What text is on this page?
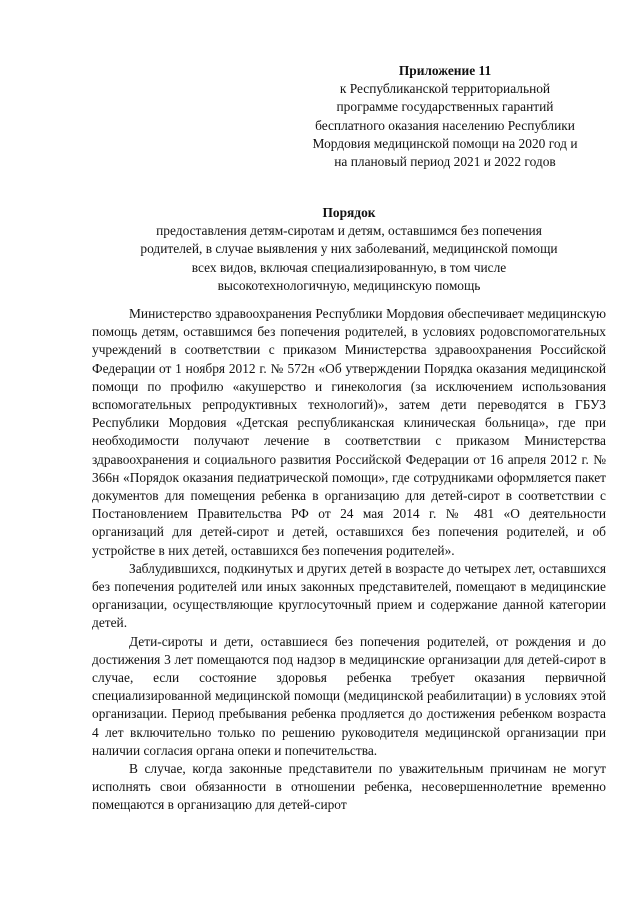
Приложение 11
к Республиканской территориальной
программе государственных гарантий
бесплатного оказания населению Республики
Мордовия медицинской помощи на 2020 год и
на плановый период 2021 и 2022 годов
Порядок
предоставления детям-сиротам и детям, оставшимся без попечения
родителей, в случае выявления у них заболеваний, медицинской помощи
всех видов, включая специализированную, в том числе
высокотехнологичную, медицинскую помощь

Министерство здравоохранения Республики Мордовия обеспечивает медицинскую помощь детям, оставшимся без попечения родителей, в условиях родовспомогательных учреждений в соответствии с приказом Министерства здравоохранения Российской Федерации от 1 ноября 2012 г. № 572н «Об утверждении Порядка оказания медицинской помощи по профилю «акушерство и гинекология (за исключением использования вспомогательных репродуктивных технологий)», затем дети переводятся в ГБУЗ Республики Мордовия «Детская республиканская клиническая больница», где при необходимости получают лечение в соответствии с приказом Министерства здравоохранения и социального развития Российской Федерации от 16 апреля 2012 г. № 366н «Порядок оказания педиатрической помощи», где сотрудниками оформляется пакет документов для помещения ребенка в организацию для детей-сирот в соответствии с Постановлением Правительства РФ от 24 мая 2014 г. № 481 «О деятельности организаций для детей-сирот и детей, оставшихся без попечения родителей, и об устройстве в них детей, оставшихся без попечения родителей».

Заблудившихся, подкинутых и других детей в возрасте до четырех лет, оставшихся без попечения родителей или иных законных представителей, помещают в медицинские организации, осуществляющие круглосуточный прием и содержание данной категории детей.

Дети-сироты и дети, оставшиеся без попечения родителей, от рождения и до достижения 3 лет помещаются под надзор в медицинские организации для детей-сирот в случае, если состояние здоровья ребенка требует оказания первичной специализированной медицинской помощи (медицинской реабилитации) в условиях этой организации. Период пребывания ребенка продляется до достижения ребенком возраста 4 лет включительно только по решению руководителя медицинской организации при наличии согласия органа опеки и попечительства.

В случае, когда законные представители по уважительным причинам не могут исполнять свои обязанности в отношении ребенка, несовершеннолетние временно помещаются в организацию для детей-сирот
